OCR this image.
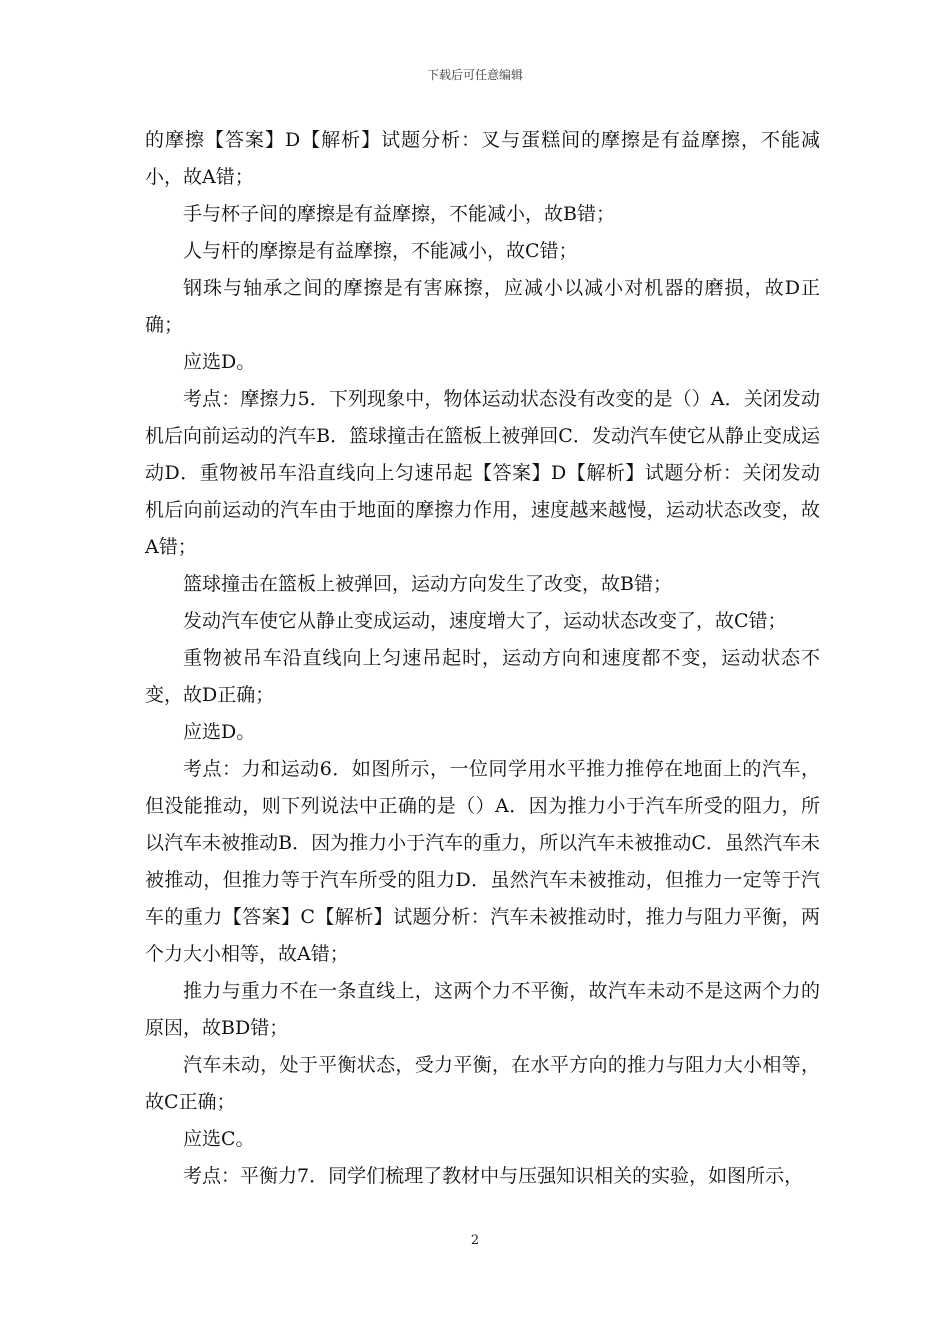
下载后可任意编辑

的摩擦【答案】D【解析】试题分析：叉与蛋糕间的摩擦是有益摩擦，不能减小，故A错；

手与杯子间的摩擦是有益摩擦，不能减小，故B错；

人与杆的摩擦是有益摩擦，不能减小，故C错；

钢珠与轴承之间的摩擦是有害麻擦，应减小以减小对机器的磨损，故D正确；

应选D。

考点：摩擦力5．下列现象中，物体运动状态没有改变的是（）A．关闭发动机后向前运动的汽车B．篮球撞击在篮板上被弹回C．发动汽车使它从静止变成运动D．重物被吊车沿直线向上匀速吊起【答案】D【解析】试题分析：关闭发动机后向前运动的汽车由于地面的摩擦力作用，速度越来越慢，运动状态改变，故A错；

篮球撞击在篮板上被弹回，运动方向发生了改变，故B错；

发动汽车使它从静止变成运动，速度增大了，运动状态改变了，故C错；

重物被吊车沿直线向上匀速吊起时，运动方向和速度都不变，运动状态不变，故D正确；

应选D。

考点：力和运动6．如图所示，一位同学用水平推力推停在地面上的汽车，但没能推动，则下列说法中正确的是（）A．因为推力小于汽车所受的阻力，所以汽车未被推动B．因为推力小于汽车的重力，所以汽车未被推动C．虽然汽车未被推动，但推力等于汽车所受的阻力D．虽然汽车未被推动，但推力一定等于汽车的重力【答案】C【解析】试题分析：汽车未被推动时，推力与阻力平衡，两个力大小相等，故A错；

推力与重力不在一条直线上，这两个力不平衡，故汽车未动不是这两个力的原因，故BD错；

汽车未动，处于平衡状态，受力平衡，在水平方向的推力与阻力大小相等，故C正确；

应选C。

考点：平衡力7．同学们梳理了教材中与压强知识相关的实验，如图所示，

2
